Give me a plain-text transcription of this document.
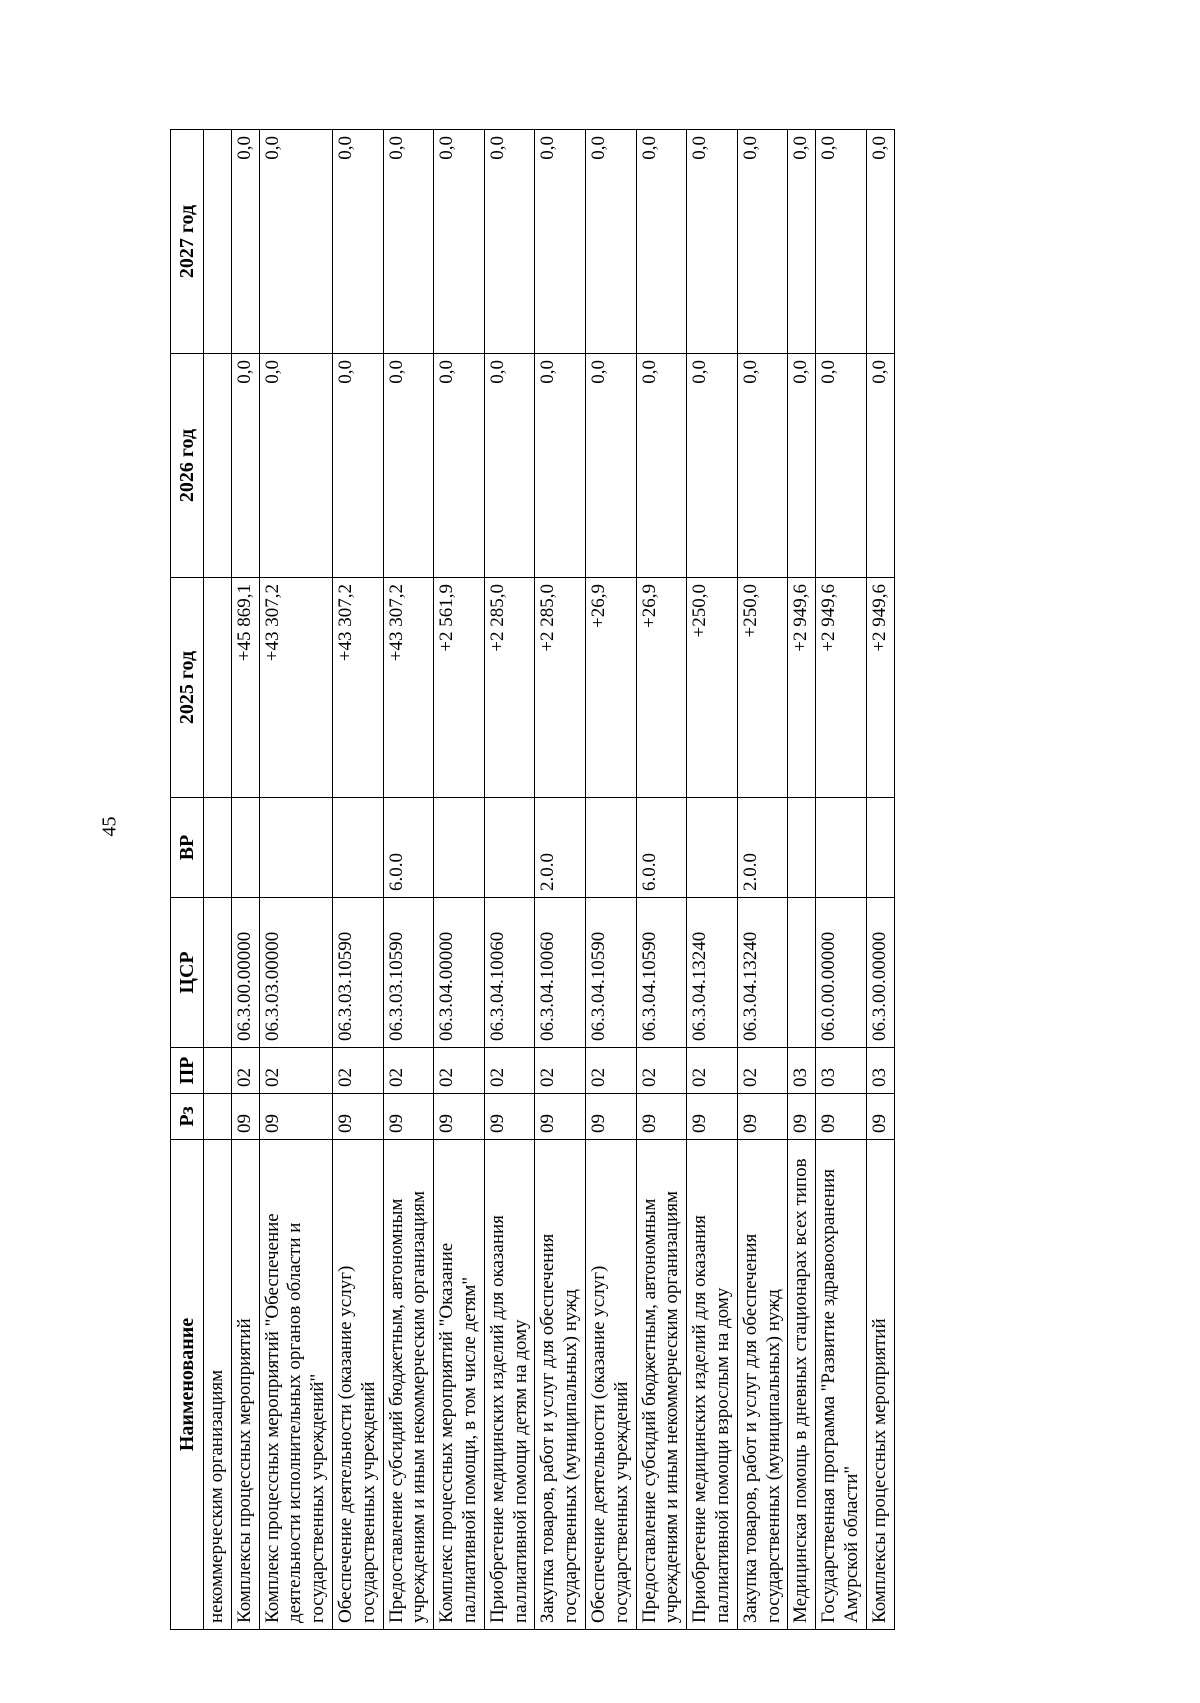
45
Наименование	Рз	ПР	ЦСР	ВР	2025 год	2026 год	2027 год
некоммерческим организациям							
Комплексы процессных мероприятий	09	02	06.3.00.00000		+45 869,1	0,0	0,0
Комплекс процессных мероприятий "Обеспечение деятельности исполнительных органов области и государственных учреждений"	09	02	06.3.03.00000		+43 307,2	0,0	0,0
Обеспечение деятельности (оказание услуг) государственных учреждений	09	02	06.3.03.10590		+43 307,2	0,0	0,0
Предоставление субсидий бюджетным, автономным учреждениям и иным некоммерческим организациям	09	02	06.3.03.10590	6.0.0	+43 307,2	0,0	0,0
Комплекс процессных мероприятий "Оказание паллиативной помощи, в том числе детям"	09	02	06.3.04.00000		+2 561,9	0,0	0,0
Приобретение медицинских изделий для оказания паллиативной помощи детям на дому	09	02	06.3.04.10060		+2 285,0	0,0	0,0
Закупка товаров, работ и услуг для обеспечения государственных (муниципальных) нужд	09	02	06.3.04.10060	2.0.0	+2 285,0	0,0	0,0
Обеспечение деятельности (оказание услуг) государственных учреждений	09	02	06.3.04.10590		+26,9	0,0	0,0
Предоставление субсидий бюджетным, автономным учреждениям и иным некоммерческим организациям	09	02	06.3.04.10590	6.0.0	+26,9	0,0	0,0
Приобретение медицинских изделий для оказания паллиативной помощи взрослым на дому	09	02	06.3.04.13240		+250,0	0,0	0,0
Закупка товаров, работ и услуг для обеспечения государственных (муниципальных) нужд	09	02	06.3.04.13240	2.0.0	+250,0	0,0	0,0
Медицинская помощь в дневных стационарах всех типов	09	03			+2 949,6	0,0	0,0
Государственная программа "Развитие здравоохранения Амурской области"	09	03	06.0.00.00000		+2 949,6	0,0	0,0
Комплексы процессных мероприятий	09	03	06.3.00.00000		+2 949,6	0,0	0,0
